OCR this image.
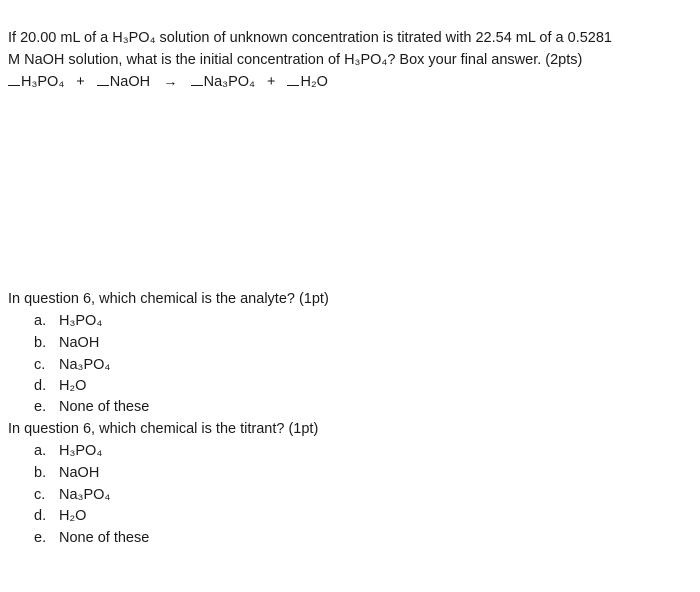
If 20.00 mL of a H₃PO₄ solution of unknown concentration is titrated with 22.54 mL of a 0.5281
M NaOH solution, what is the initial concentration of H₃PO₄? Box your final answer. (2pts)
H₃PO₄ + NaOH → Na₃PO₄ + H₂O
In question 6, which chemical is the analyte? (1pt)
a. H₃PO₄
b. NaOH
c. Na₃PO₄
d. H₂O
e. None of these
In question 6, which chemical is the titrant? (1pt)
a. H₃PO₄
b. NaOH
c. Na₃PO₄
d. H₂O
e. None of these
